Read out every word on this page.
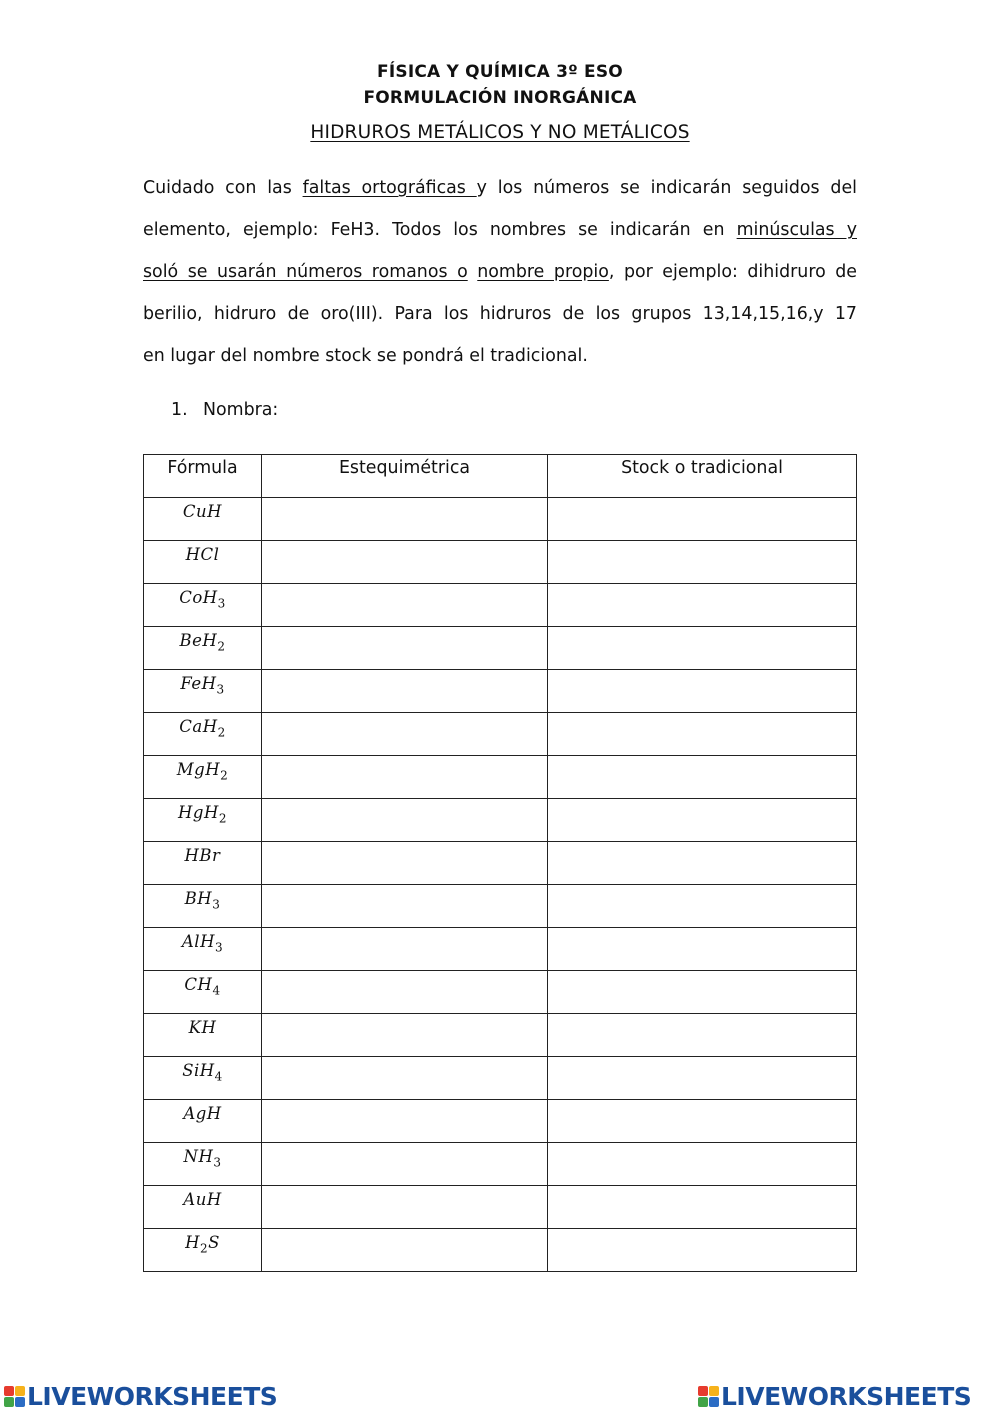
FÍSICA Y QUÍMICA 3º ESO
FORMULACIÓN INORGÁNICA
HIDRUROS METÁLICOS Y NO METÁLICOS
Cuidado con las faltas ortográficas y los números se indicarán seguidos del
elemento, ejemplo: FeH3. Todos los nombres se indicarán en minúsculas y
soló se usarán números romanos o nombre propio, por ejemplo: dihidruro de
berilio, hidruro de oro(III). Para los hidruros de los grupos 13,14,15,16,y 17
en lugar del nombre stock se pondrá el tradicional.
1. Nombra:
Fórmula	Estequimétrica	Stock o tradicional
CuH		
HCl		
CoH$_3$		
BeH$_2$		
FeH$_3$		
CaH$_2$		
MgH$_2$		
HgH$_2$		
HBr		
$BH_3$		
AlH$_3$		
$CH_4$		
KH		
SiH$_4$		
AgH		
$NH_3$		
AuH		
$H_2S$		
LIVEWORKSHEETS	LIVEWORKSHEETS
